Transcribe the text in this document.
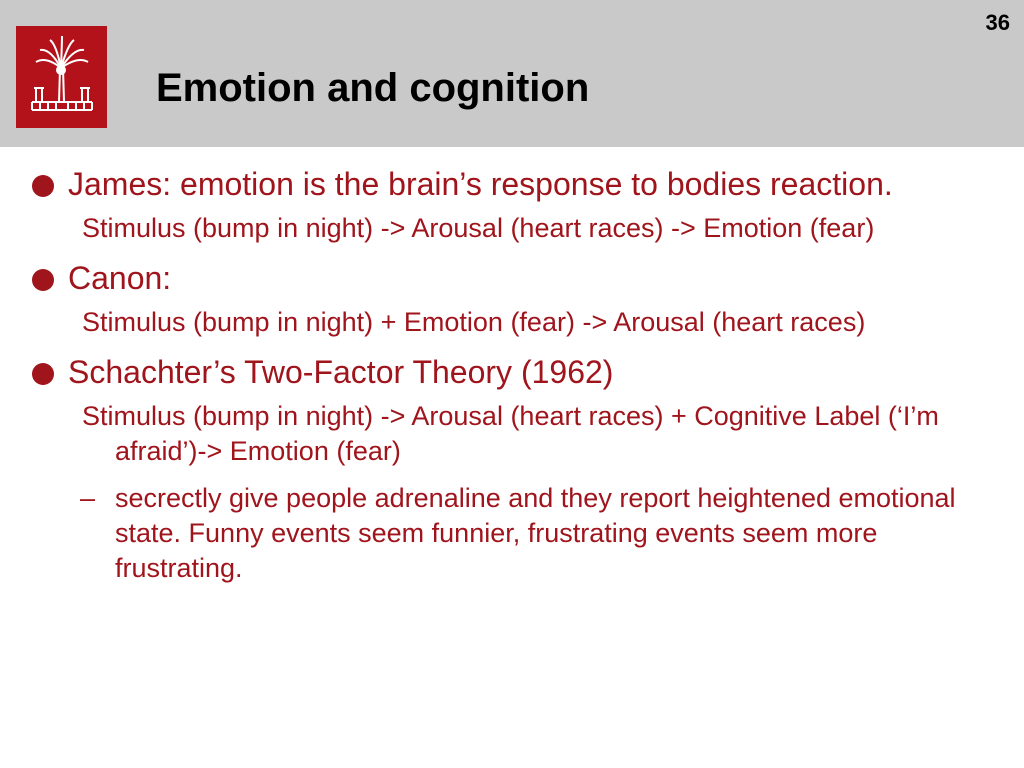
36
Emotion and cognition
James: emotion is the brain’s response to bodies reaction.
Stimulus (bump in night) -> Arousal (heart races) -> Emotion (fear)
Canon:
Stimulus (bump in night) + Emotion (fear) -> Arousal (heart races)
Schachter’s Two-Factor Theory (1962)
Stimulus (bump in night) -> Arousal (heart races) + Cognitive Label (‘I’m afraid’)-> Emotion (fear)
– secrectly give people adrenaline and they report heightened emotional state. Funny events seem funnier, frustrating events seem more frustrating.
